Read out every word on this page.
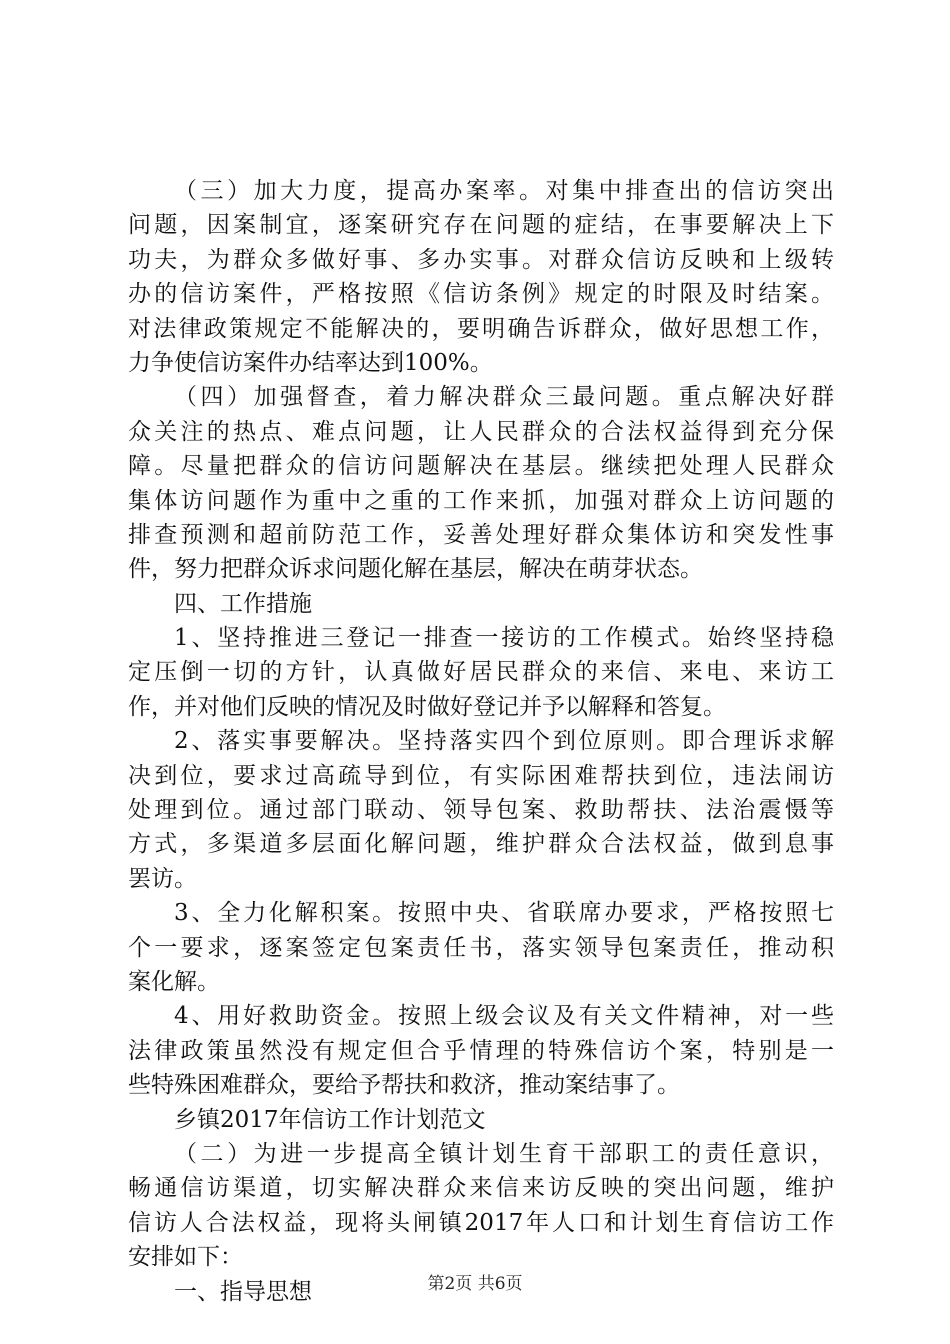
（三）加大力度，提高办案率。对集中排查出的信访突出
问题，因案制宜，逐案研究存在问题的症结，在事要解决上下
功夫，为群众多做好事、多办实事。对群众信访反映和上级转
办的信访案件，严格按照《信访条例》规定的时限及时结案。
对法律政策规定不能解决的，要明确告诉群众，做好思想工作，
力争使信访案件办结率达到100%。
（四）加强督查，着力解决群众三最问题。重点解决好群
众关注的热点、难点问题，让人民群众的合法权益得到充分保
障。尽量把群众的信访问题解决在基层。继续把处理人民群众
集体访问题作为重中之重的工作来抓，加强对群众上访问题的
排查预测和超前防范工作，妥善处理好群众集体访和突发性事
件，努力把群众诉求问题化解在基层，解决在萌芽状态。
四、工作措施
1、坚持推进三登记一排查一接访的工作模式。始终坚持稳
定压倒一切的方针，认真做好居民群众的来信、来电、来访工
作，并对他们反映的情况及时做好登记并予以解释和答复。
2、落实事要解决。坚持落实四个到位原则。即合理诉求解
决到位，要求过高疏导到位，有实际困难帮扶到位，违法闹访
处理到位。通过部门联动、领导包案、救助帮扶、法治震慑等
方式，多渠道多层面化解问题，维护群众合法权益，做到息事
罢访。
3、全力化解积案。按照中央、省联席办要求，严格按照七
个一要求，逐案签定包案责任书，落实领导包案责任，推动积
案化解。
4、用好救助资金。按照上级会议及有关文件精神，对一些
法律政策虽然没有规定但合乎情理的特殊信访个案，特别是一
些特殊困难群众，要给予帮扶和救济，推动案结事了。
乡镇2017年信访工作计划范文
（二）为进一步提高全镇计划生育干部职工的责任意识，
畅通信访渠道，切实解决群众来信来访反映的突出问题，维护
信访人合法权益，现将头闸镇2017年人口和计划生育信访工作
安排如下：
一、指导思想	第2页 共6页
